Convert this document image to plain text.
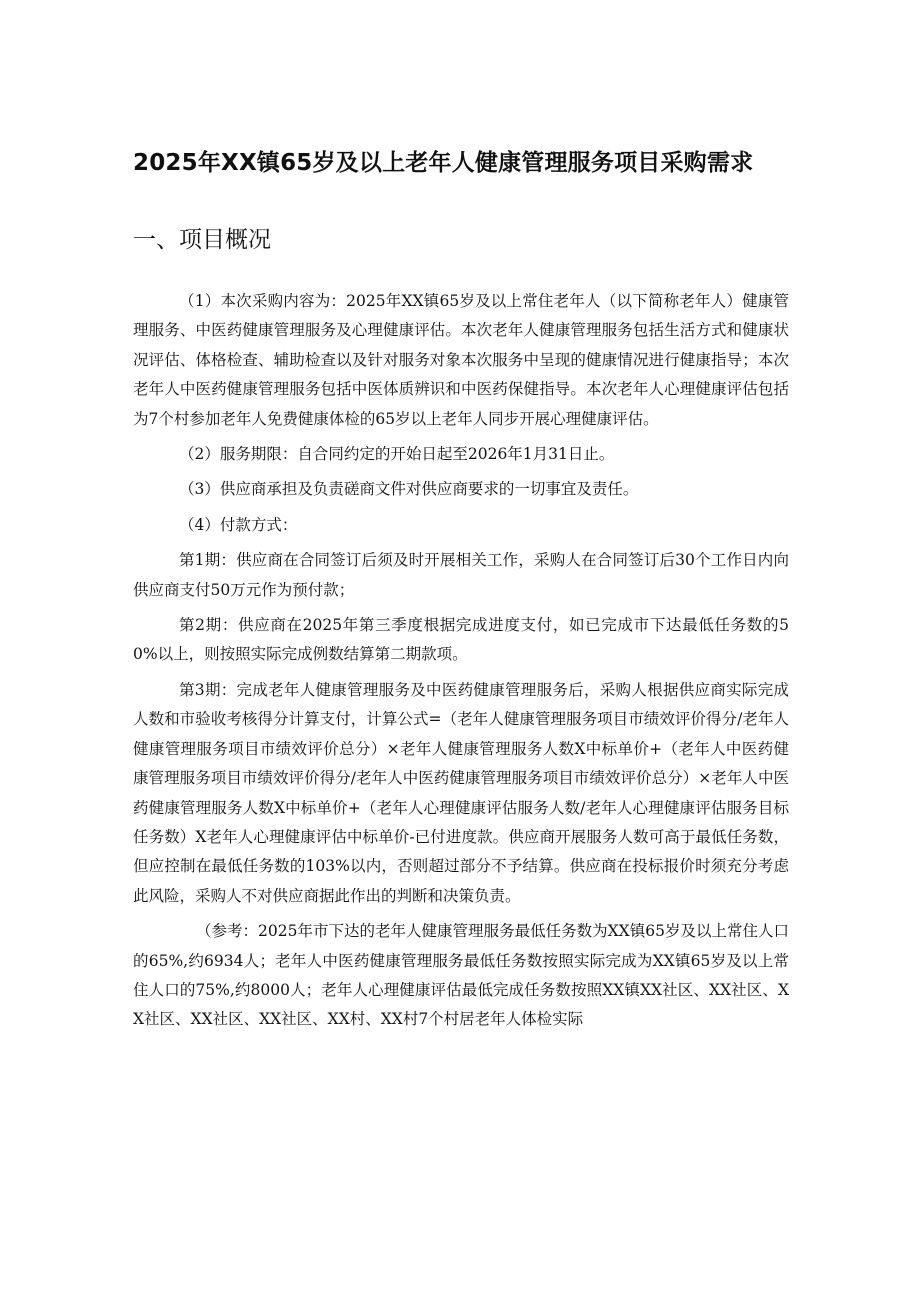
2025年XX镇65岁及以上老年人健康管理服务项目采购需求
一、项目概况

（1）本次采购内容为：2025年XX镇65岁及以上常住老年人（以下简称老年人）健康管理服务、中医药健康管理服务及心理健康评估。本次老年人健康管理服务包括生活方式和健康状况评估、体格检查、辅助检查以及针对服务对象本次服务中呈现的健康情况进行健康指导；本次老年人中医药健康管理服务包括中医体质辨识和中医药保健指导。本次老年人心理健康评估包括为7个村参加老年人免费健康体检的65岁以上老年人同步开展心理健康评估。

（2）服务期限：自合同约定的开始日起至2026年1月31日止。

（3）供应商承担及负责磋商文件对供应商要求的一切事宜及责任。

（4）付款方式：

第1期：供应商在合同签订后须及时开展相关工作，采购人在合同签订后30个工作日内向供应商支付50万元作为预付款；

第2期：供应商在2025年第三季度根据完成进度支付，如已完成市下达最低任务数的50%以上，则按照实际完成例数结算第二期款项。

第3期：完成老年人健康管理服务及中医药健康管理服务后，采购人根据供应商实际完成人数和市验收考核得分计算支付，计算公式=（老年人健康管理服务项目市绩效评价得分/老年人健康管理服务项目市绩效评价总分）×老年人健康管理服务人数X中标单价+（老年人中医药健康管理服务项目市绩效评价得分/老年人中医药健康管理服务项目市绩效评价总分）×老年人中医药健康管理服务人数X中标单价+（老年人心理健康评估服务人数/老年人心理健康评估服务目标任务数）X老年人心理健康评估中标单价-已付进度款。供应商开展服务人数可高于最低任务数，但应控制在最低任务数的103%以内，否则超过部分不予结算。供应商在投标报价时须充分考虑此风险，采购人不对供应商据此作出的判断和决策负责。

（参考：2025年市下达的老年人健康管理服务最低任务数为XX镇65岁及以上常住人口的65%,约6934人；老年人中医药健康管理服务最低任务数按照实际完成为XX镇65岁及以上常住人口的75%,约8000人；老年人心理健康评估最低完成任务数按照XX镇XX社区、XX社区、XX社区、XX社区、XX社区、XX村、XX村7个村居老年人体检实际
